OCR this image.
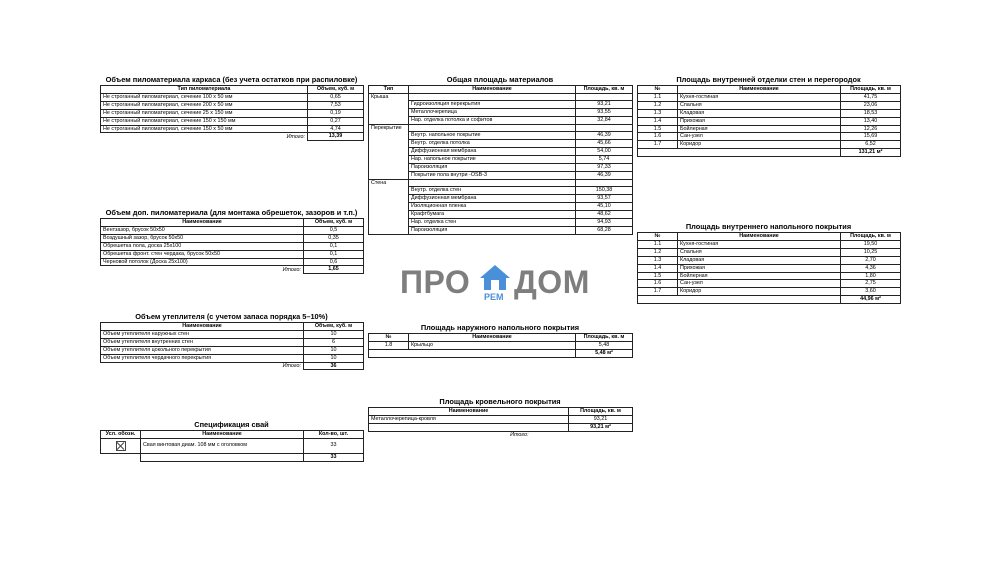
Объем пиломатериала каркаса (без учета остатков при распиловке)
Тип пиломатериала	Объем, куб. м
Не строганный пиломатериал, сечение 100 x 50 мм	0,65
Не строганный пиломатериал, сечение 200 x 50 мм	7,53
Не строганный пиломатериал, сечение 25 x 150 мм	0,19
Не строганный пиломатериал, сечение 150 x 150 мм	0,27
Не строганный пиломатериал, сечение 150 x 50 мм	4,74
Итого:	13,39
Объем доп. пиломатериала (для монтажа обрешеток, зазоров и т.п.)
Наименование	Объем, куб. м
Вентзазор, брусок 50x50	0,5
Воздушный зазор, брусок 50x50	0,35
Обрешетка пола, доска 25x100	0,1
Обрешетка фронт. стен чердака, брусок 50x50	0,1
Черновой потолок (Доска 25x100)	0,6
Итого:	1,65
Объем утеплителя (с учетом запаса порядка 5–10%)
Наименование	Объем, куб. м
Объем утеплителя наружных стен	10
Объем утеплителя внутренних стен	6
Объем утеплителя цокольного перекрытия	10
Объем утеплителя чердачного перекрытия	10
Итого:	36
Спецификация свай
Усл. обозн.	Наименование	Кол-во, шт.
	Свая винтовая диам. 108 мм с оголовком	33
		33
Общая площадь материалов
Тип	Наименование	Площадь, кв. м
Крыша		
	Гидроизоляция перекрытия	93,21
	Металлочерепица	93,55
	Нар. отделка потолка и софитов	32,84
Перекрытие		
	Внутр. напольное покрытие	46,39
	Внутр. отделка потолка	45,66
	Диффузионная мембрана	54,00
	Нар. напольное покрытие	5,74
	Пароизоляция	97,33
	Покрытие пола внутри -OSB-3	46,39
Стена		
	Внутр. отделка стен	150,38
	Диффузионная мембрана	93,57
	Изоляционная пленка	45,10
	Крафтбумага	48,62
	Нар. отделка стен	94,93
	Пароизоляция	68,28
ПРО РЕМ ДОМ
Площадь наружного напольного покрытия
№	Наименование	Площадь, кв. м
1.8	Крыльцо	5,48
		5,48 м²
Площадь кровельного покрытия
Наименование	Площадь, кв. м
Металлочерепица-кровля	93,21
	93,21 м²
Итого:	
Площадь внутренней отделки стен и перегородок
№	Наименование	Площадь, кв. м
1.1	Кухня-гостиная	41,75
1.2	Спальня	23,06
1.3	Кладовая	18,53
1.4	Прихожая	13,40
1.5	Бойлерная	12,26
1.6	Сан-узел	15,69
1.7	Коридор	6,52
		131,21 м²
Площадь внутреннего напольного покрытия
№	Наименование	Площадь, кв. м
1.1	Кухня-гостиная	19,50
1.2	Спальня	10,25
1.3	Кладовая	2,70
1.4	Прихожая	4,36
1.5	Бойлерная	1,80
1.6	Сан-узел	2,75
1.7	Коридор	3,60
		44,96 м²
